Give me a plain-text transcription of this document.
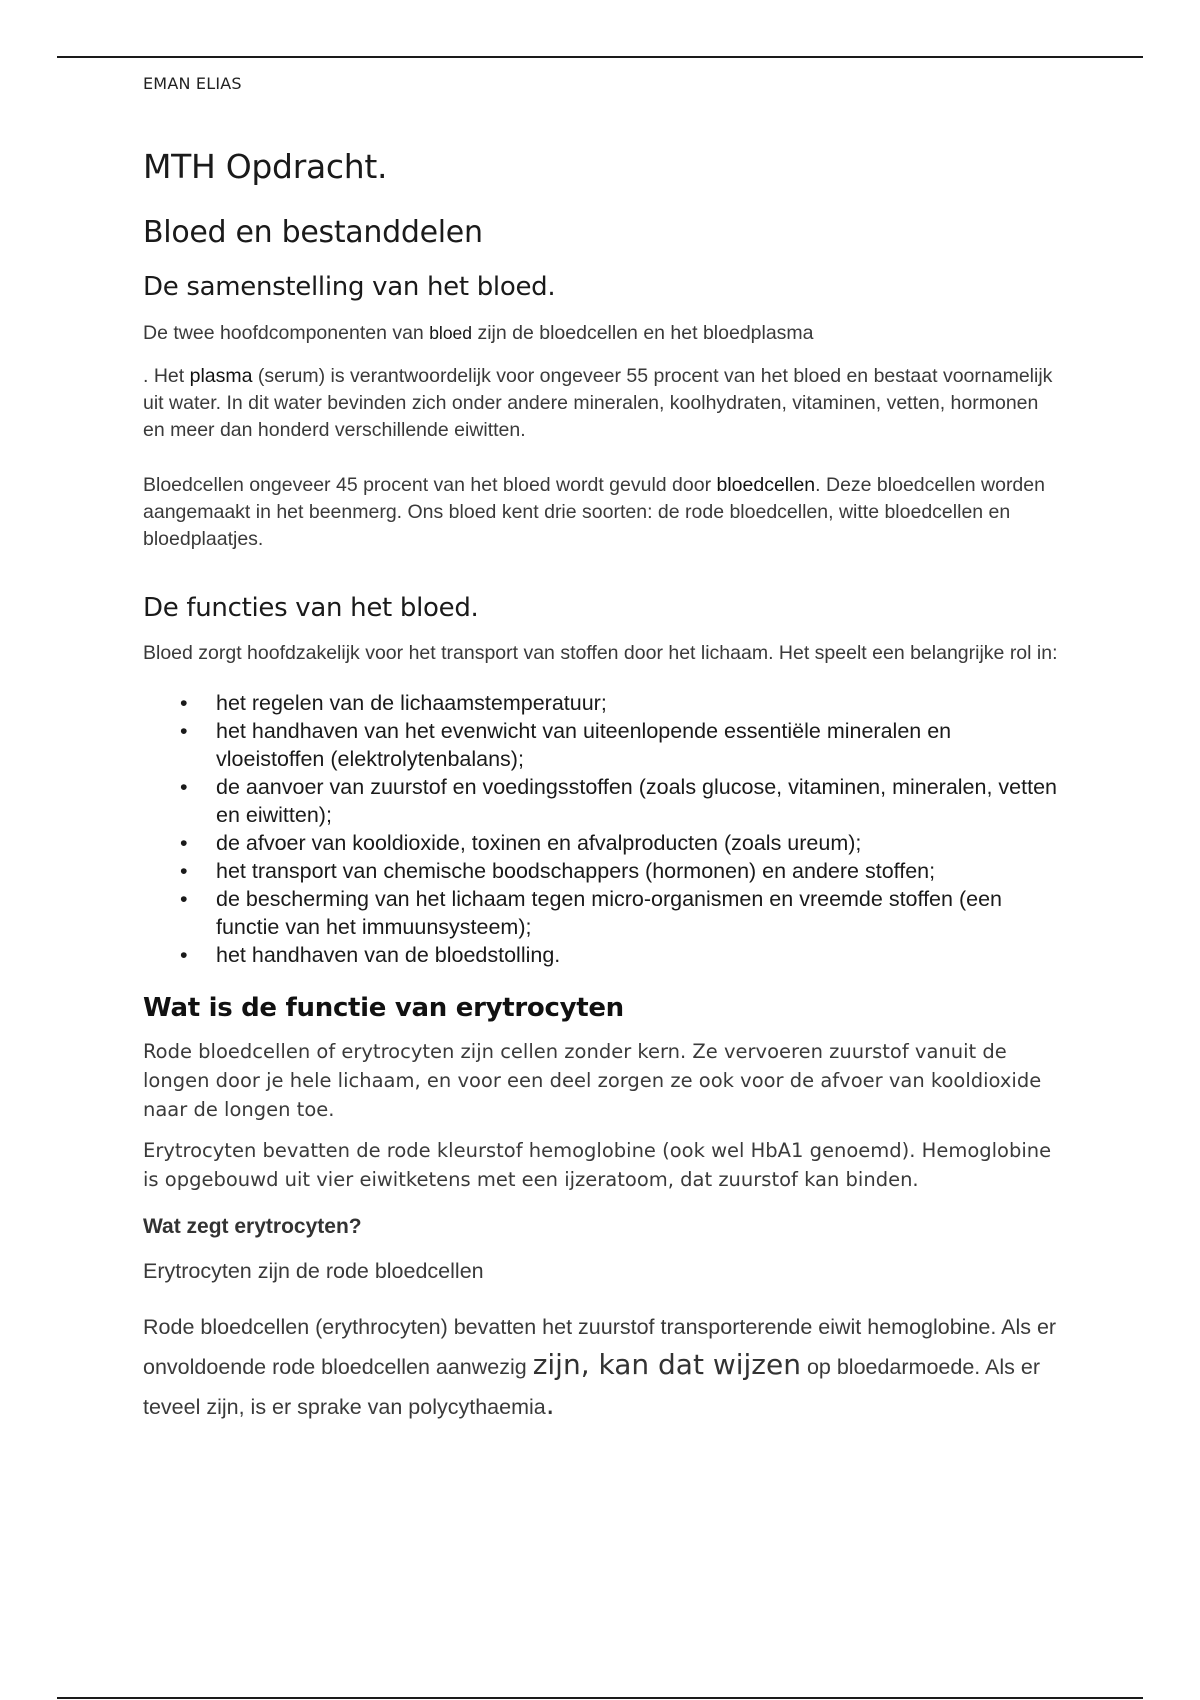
EMAN ELIAS
MTH Opdracht.
Bloed en bestanddelen
De samenstelling van het bloed.

De twee hoofdcomponenten van bloed zijn de bloedcellen en het bloedplasma

. Het plasma (serum) is verantwoordelijk voor ongeveer 55 procent van het bloed en bestaat voornamelijk uit water. In dit water bevinden zich onder andere mineralen, koolhydraten, vitaminen, vetten, hormonen en meer dan honderd verschillende eiwitten.

Bloedcellen ongeveer 45 procent van het bloed wordt gevuld door bloedcellen. Deze bloedcellen worden aangemaakt in het beenmerg. Ons bloed kent drie soorten: de rode bloedcellen, witte bloedcellen en bloedplaatjes.

De functies van het bloed.

Bloed zorgt hoofdzakelijk voor het transport van stoffen door het lichaam. Het speelt een belangrijke rol in:

• het regelen van de lichaamstemperatuur;
• het handhaven van het evenwicht van uiteenlopende essentiële mineralen en vloeistoffen (elektrolytenbalans);
• de aanvoer van zuurstof en voedingsstoffen (zoals glucose, vitaminen, mineralen, vetten en eiwitten);
• de afvoer van kooldioxide, toxinen en afvalproducten (zoals ureum);
• het transport van chemische boodschappers (hormonen) en andere stoffen;
• de bescherming van het lichaam tegen micro-organismen en vreemde stoffen (een functie van het immuunsysteem);
• het handhaven van de bloedstolling.
Wat is de functie van erytrocyten

Rode bloedcellen of erytrocyten zijn cellen zonder kern. Ze vervoeren zuurstof vanuit de longen door je hele lichaam, en voor een deel zorgen ze ook voor de afvoer van kooldioxide naar de longen toe.

Erytrocyten bevatten de rode kleurstof hemoglobine (ook wel HbA1 genoemd). Hemoglobine is opgebouwd uit vier eiwitketens met een ijzeratoom, dat zuurstof kan binden.

Wat zegt erytrocyten?

Erytrocyten zijn de rode bloedcellen

Rode bloedcellen (erythrocyten) bevatten het zuurstof transporterende eiwit hemoglobine. Als er onvoldoende rode bloedcellen aanwezig zijn, kan dat wijzen op bloedarmoede. Als er teveel zijn, is er sprake van polycythaemia.
